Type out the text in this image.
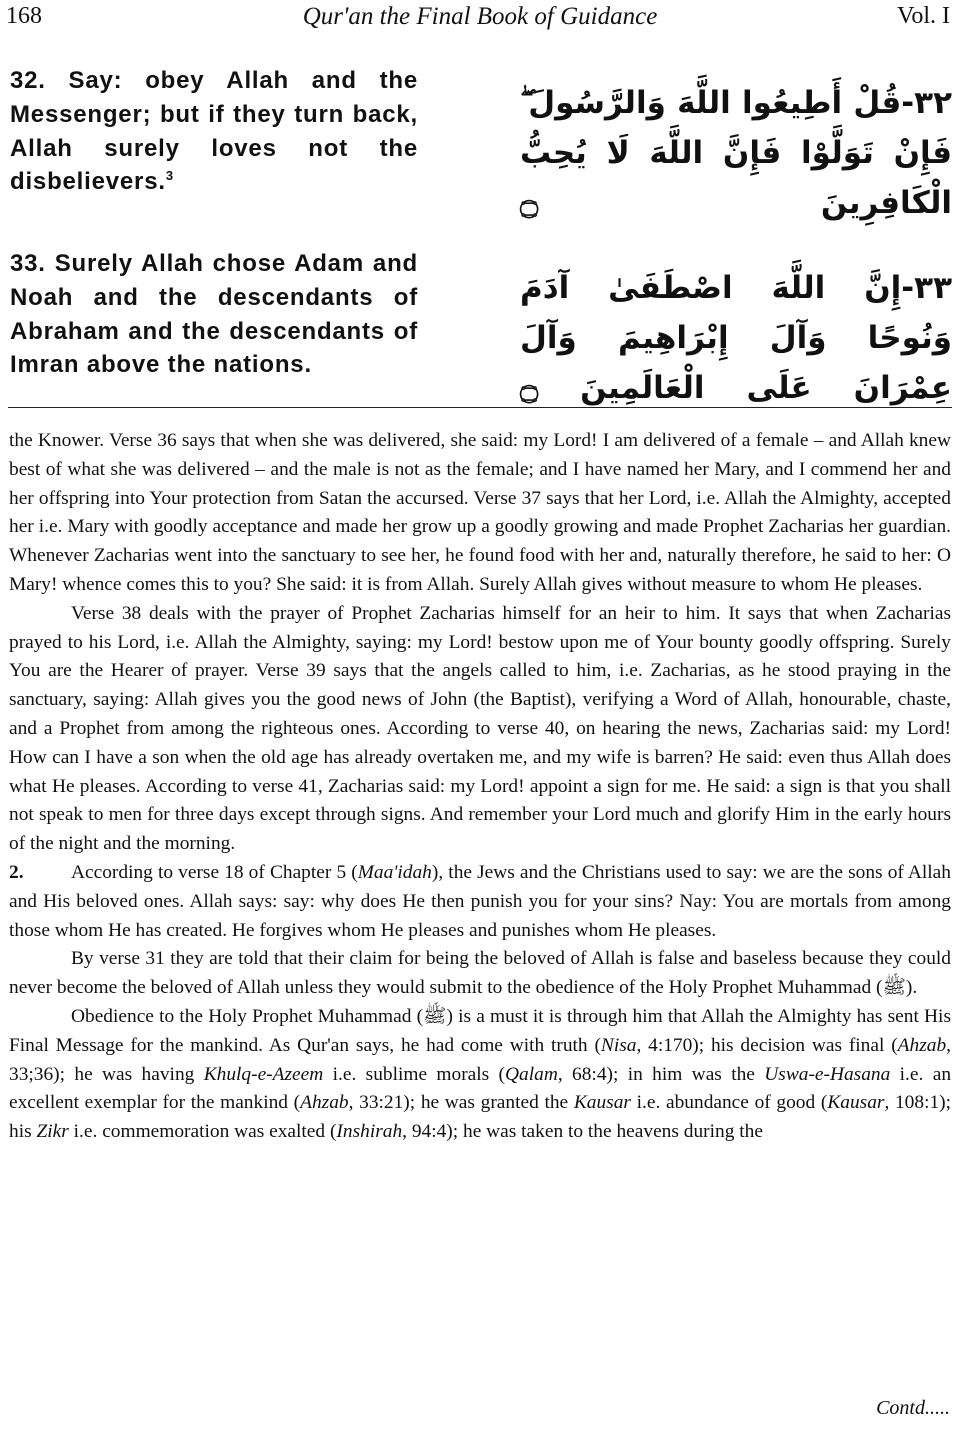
168	Qur'an the Final Book of Guidance	Vol. I
32. Say: obey Allah and the Messenger; but if they turn back, Allah surely loves not the disbelievers.$^3$
٣٢-قُلْ أَطِيعُوا اللَّهَ وَالرَّسُولَ ۖ فَإِنْ تَوَلَّوْا فَإِنَّ اللَّهَ لَا يُحِبُّ الْكَافِرِينَ ۝
33. Surely Allah chose Adam and Noah and the descendants of Abraham and the descendants of Imran above the nations.
٣٣-إِنَّ اللَّهَ اصْطَفَىٰ آدَمَ وَنُوحًا وَآلَ إِبْرَاهِيمَ وَآلَ عِمْرَانَ عَلَى الْعَالَمِينَ ۝

the Knower. Verse 36 says that when she was delivered, she said: my Lord! I am delivered of a female – and Allah knew best of what she was delivered – and the male is not as the female; and I have named her Mary, and I commend her and her offspring into Your protection from Satan the accursed. Verse 37 says that her Lord, i.e. Allah the Almighty, accepted her i.e. Mary with goodly acceptance and made her grow up a goodly growing and made Prophet Zacharias her guardian. Whenever Zacharias went into the sanctuary to see her, he found food with her and, naturally therefore, he said to her: O Mary! whence comes this to you? She said: it is from Allah. Surely Allah gives without measure to whom He pleases.

Verse 38 deals with the prayer of Prophet Zacharias himself for an heir to him. It says that when Zacharias prayed to his Lord, i.e. Allah the Almighty, saying: my Lord! bestow upon me of Your bounty goodly offspring. Surely You are the Hearer of prayer. Verse 39 says that the angels called to him, i.e. Zacharias, as he stood praying in the sanctuary, saying: Allah gives you the good news of John (the Baptist), verifying a Word of Allah, honourable, chaste, and a Prophet from among the righteous ones. According to verse 40, on hearing the news, Zacharias said: my Lord! How can I have a son when the old age has already overtaken me, and my wife is barren? He said: even thus Allah does what He pleases. According to verse 41, Zacharias said: my Lord! appoint a sign for me. He said: a sign is that you shall not speak to men for three days except through signs. And remember your Lord much and glorify Him in the early hours of the night and the morning.

2. According to verse 18 of Chapter 5 (Maa'idah), the Jews and the Christians used to say: we are the sons of Allah and His beloved ones. Allah says: say: why does He then punish you for your sins? Nay: You are mortals from among those whom He has created. He forgives whom He pleases and punishes whom He pleases.

By verse 31 they are told that their claim for being the beloved of Allah is false and baseless because they could never become the beloved of Allah unless they would submit to the obedience of the Holy Prophet Muhammad (ﷺ).

Obedience to the Holy Prophet Muhammad (ﷺ) is a must it is through him that Allah the Almighty has sent His Final Message for the mankind. As Qur'an says, he had come with truth (Nisa, 4:170); his decision was final (Ahzab, 33;36); he was having Khulq-e-Azeem i.e. sublime morals (Qalam, 68:4); in him was the Uswa-e-Hasana i.e. an excellent exemplar for the mankind (Ahzab, 33:21); he was granted the Kausar i.e. abundance of good (Kausar, 108:1); his Zikr i.e. commemoration was exalted (Inshirah, 94:4); he was taken to the heavens during the

Contd.....
